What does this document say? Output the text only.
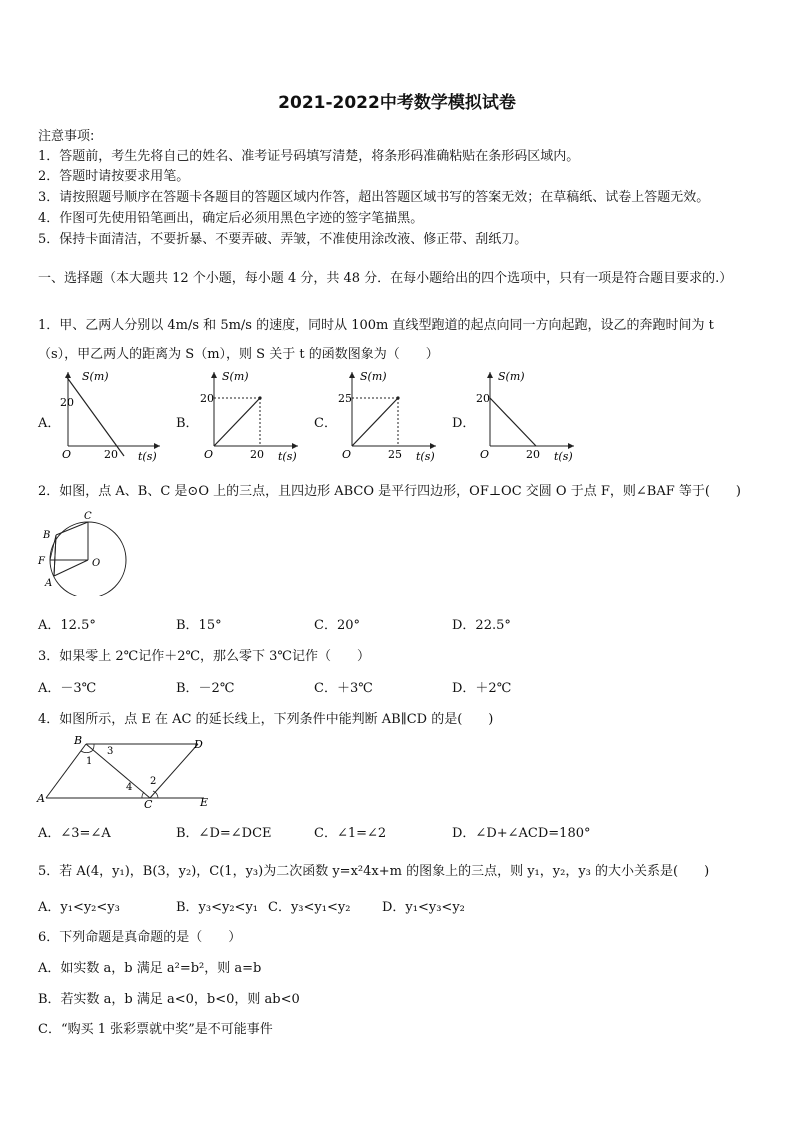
2021-2022中考数学模拟试卷
注意事项:
1．答题前，考生先将自己的姓名、准考证号码填写清楚，将条形码准确粘贴在条形码区域内。
2．答题时请按要求用笔。
3．请按照题号顺序在答题卡各题目的答题区域内作答，超出答题区域书写的答案无效；在草稿纸、试卷上答题无效。
4．作图可先使用铅笔画出，确定后必须用黑色字迹的签字笔描黑。
5．保持卡面清洁，不要折暴、不要弄破、弄皱，不准使用涂改液、修正带、刮纸刀。
一、选择题（本大题共 12 个小题，每小题 4 分，共 48 分．在每小题给出的四个选项中，只有一项是符合题目要求的.）
1．甲、乙两人分别以 4m/s 和 5m/s 的速度，同时从 100m 直线型跑道的起点向同一方向起跑，设乙的奔跑时间为 t
（s），甲乙两人的距离为 S（m），则 S 关于 t 的函数图象为（　　）
A．	B．	C．	D．
S(m)
20
O	20 t(s)
S(m)
20
O	20 t(s)
S(m)
25
O	25 t(s)
S(m)
20
O	20 t(s)
2．如图，点 A、B、C 是⊙O 上的三点，且四边形 ABCO 是平行四边形，OF⊥OC 交圆 O 于点 F，则∠BAF 等于(　　)
C
B
F
A
O
A．12.5°	B．15°	C．20°	D．22.5°
3．如果零上 2℃记作＋2℃，那么零下 3℃记作（　　）
A．－3℃	B．－2℃	C．＋3℃	D．＋2℃
4．如图所示，点 E 在 AC 的延长线上，下列条件中能判断 AB∥CD 的是(　　)
B	D
A	C	E
1
2
3
4
A．∠3=∠A	B．∠D=∠DCE	C．∠1=∠2	D．∠D+∠ACD=180°
5．若 A(4，y₁)，B(3，y₂)，C(1，y₃)为二次函数 y=x²4x+m 的图象上的三点，则 y₁，y₂，y₃ 的大小关系是(　　)
A．y₁<y₂<y₃	B．y₃<y₂<y₁ C．y₃<y₁<y₂ D．y₁<y₃<y₂
6．下列命题是真命题的是（　　）
A．如实数 a，b 满足 a²=b²，则 a=b
B．若实数 a，b 满足 a<0，b<0，则 ab<0
C．“购买 1 张彩票就中奖”是不可能事件
